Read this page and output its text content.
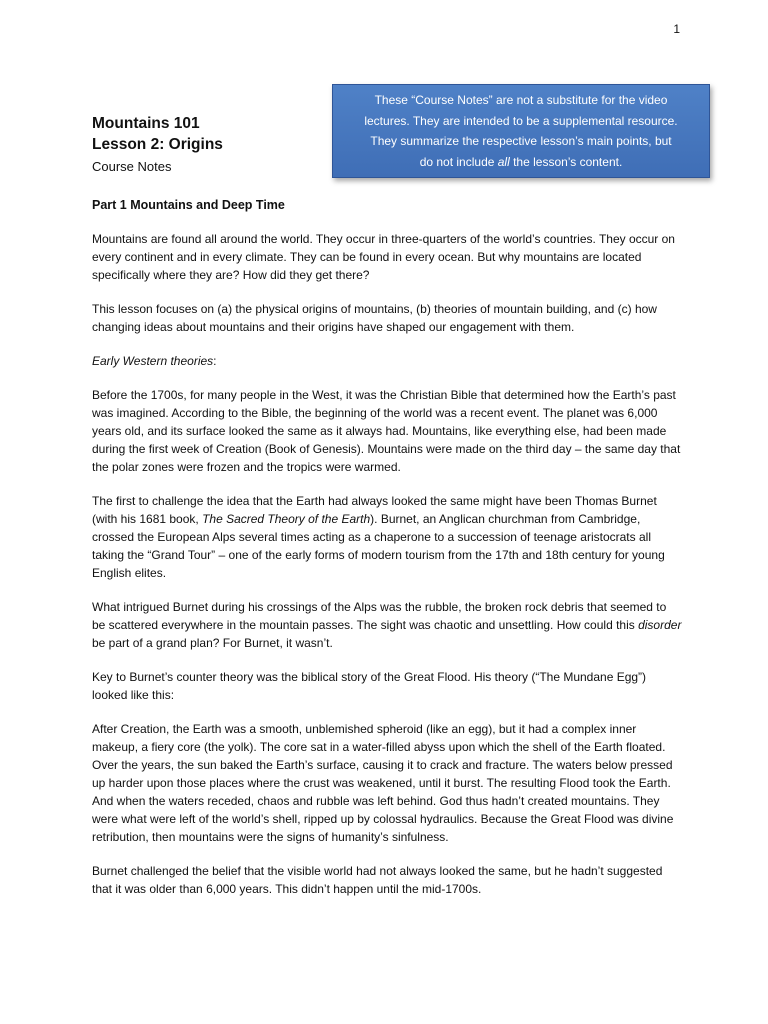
1
Mountains 101
Lesson 2: Origins
Course Notes
These “Course Notes” are not a substitute for the video
lectures. They are intended to be a supplemental resource.
They summarize the respective lesson’s main points, but
do not include all the lesson’s content.

Part 1 Mountains and Deep Time

Mountains are found all around the world. They occur in three-quarters of the world’s countries. They occur on every continent and in every climate. They can be found in every ocean. But why mountains are located specifically where they are? How did they get there?

This lesson focuses on (a) the physical origins of mountains, (b) theories of mountain building, and (c) how changing ideas about mountains and their origins have shaped our engagement with them.

Early Western theories:

Before the 1700s, for many people in the West, it was the Christian Bible that determined how the Earth’s past was imagined. According to the Bible, the beginning of the world was a recent event. The planet was 6,000 years old, and its surface looked the same as it always had. Mountains, like everything else, had been made during the first week of Creation (Book of Genesis). Mountains were made on the third day – the same day that the polar zones were frozen and the tropics were warmed.

The first to challenge the idea that the Earth had always looked the same might have been Thomas Burnet (with his 1681 book, The Sacred Theory of the Earth). Burnet, an Anglican churchman from Cambridge, crossed the European Alps several times acting as a chaperone to a succession of teenage aristocrats all taking the “Grand Tour” – one of the early forms of modern tourism from the 17th and 18th century for young English elites.

What intrigued Burnet during his crossings of the Alps was the rubble, the broken rock debris that seemed to be scattered everywhere in the mountain passes. The sight was chaotic and unsettling. How could this disorder be part of a grand plan? For Burnet, it wasn’t.

Key to Burnet’s counter theory was the biblical story of the Great Flood. His theory (“The Mundane Egg”) looked like this:

After Creation, the Earth was a smooth, unblemished spheroid (like an egg), but it had a complex inner makeup, a fiery core (the yolk). The core sat in a water-filled abyss upon which the shell of the Earth floated. Over the years, the sun baked the Earth’s surface, causing it to crack and fracture. The waters below pressed up harder upon those places where the crust was weakened, until it burst. The resulting Flood took the Earth. And when the waters receded, chaos and rubble was left behind. God thus hadn’t created mountains. They were what were left of the world’s shell, ripped up by colossal hydraulics. Because the Great Flood was divine retribution, then mountains were the signs of humanity’s sinfulness.

Burnet challenged the belief that the visible world had not always looked the same, but he hadn’t suggested that it was older than 6,000 years. This didn’t happen until the mid-1700s.
